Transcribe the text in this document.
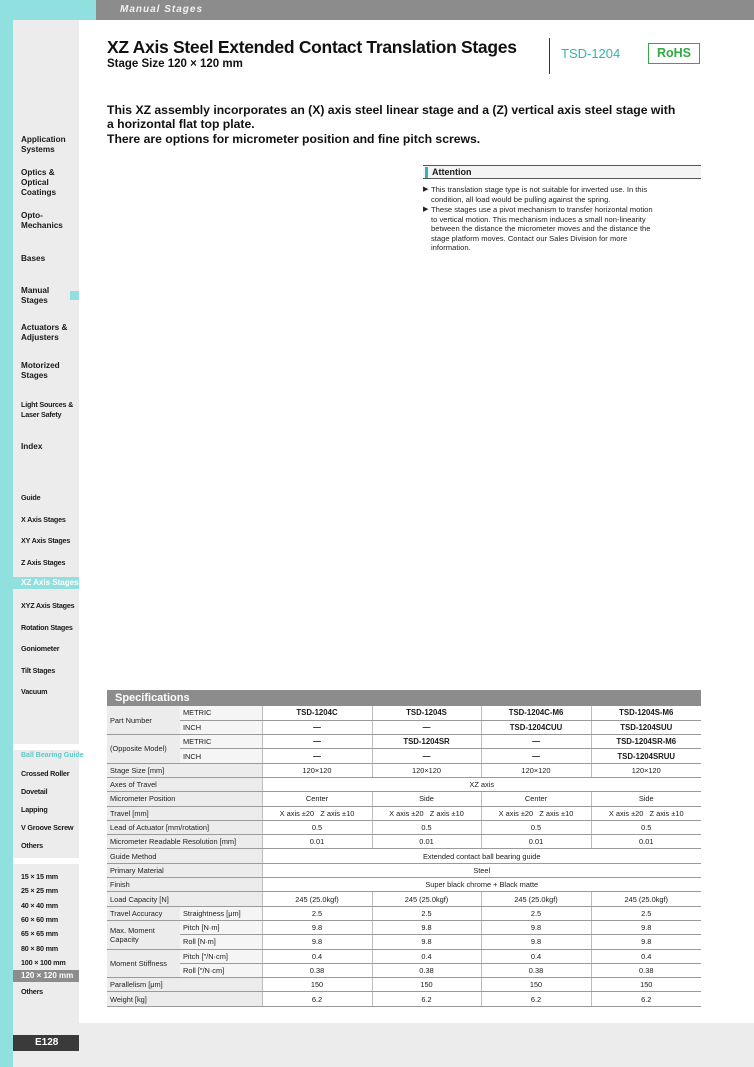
Manual Stages
Application
Systems
Optics &
Optical
Coatings
Opto-
Mechanics
Bases
Manual
Stages
Actuators &
Adjusters
Motorized
Stages
Light Sources &
Laser Safety
Index
Guide
X Axis Stages
XY Axis Stages
Z Axis Stages
XZ Axis Stages
XYZ Axis Stages
Rotation Stages
Goniometer
Tilt Stages
Vacuum
Ball Bearing Guide
Crossed Roller
Dovetail
Lapping
V Groove Screw
Others
15 × 15 mm
25 × 25 mm
40 × 40 mm
60 × 60 mm
65 × 65 mm
80 × 80 mm
100 × 100 mm
120 × 120 mm
Others
XZ Axis Steel Extended Contact Translation Stages
Stage Size 120 × 120 mm
TSD-1204	RoHS
This XZ assembly incorporates an (X) axis steel linear stage and a (Z) vertical axis steel stage with
a horizontal flat top plate.
There are options for micrometer position and fine pitch screws.
Attention
▶ This translation stage type is not suitable for inverted use. In this
condition, all load would be pulling against the spring.
▶ These stages use a pivot mechanism to transfer horizontal motion
to vertical motion. This mechanism induces a small non-linearity
between the distance the micrometer moves and the distance the
stage platform moves. Contact our Sales Division for more
information.
Specifications
Part Number	METRIC	TSD-1204C	TSD-1204S	TSD-1204C-M6	TSD-1204S-M6
	INCH	—	—	TSD-1204CUU	TSD-1204SUU
(Opposite Model)	METRIC	—	TSD-1204SR	—	TSD-1204SR-M6
	INCH	—	—	—	TSD-1204SRUU
Stage Size [mm]		120×120	120×120	120×120	120×120
Axes of Travel		XZ axis			
Micrometer Position		Center	Side	Center	Side
Travel [mm]		X axis ±20   Z axis ±10	X axis ±20   Z axis ±10	X axis ±20   Z axis ±10	X axis ±20   Z axis ±10
Lead of Actuator [mm/rotation]		0.5	0.5	0.5	0.5
Micrometer Readable Resolution [mm]		0.01	0.01	0.01	0.01
Guide Method		Extended contact ball bearing guide			
Primary Material		Steel			
Finish		Super black chrome + Black matte			
Load Capacity [N]		245 (25.0kgf)	245 (25.0kgf)	245 (25.0kgf)	245 (25.0kgf)
Travel Accuracy	Straightness [μm]	2.5	2.5	2.5	2.5
Max. Moment Capacity	Pitch [N·m]	9.8	9.8	9.8	9.8
	Roll [N·m]	9.8	9.8	9.8	9.8
Moment Stiffness	Pitch [″/N·cm]	0.4	0.4	0.4	0.4
	Roll [″/N·cm]	0.38	0.38	0.38	0.38
Parallelism [μm]		150	150	150	150
Weight [kg]		6.2	6.2	6.2	6.2
E128
